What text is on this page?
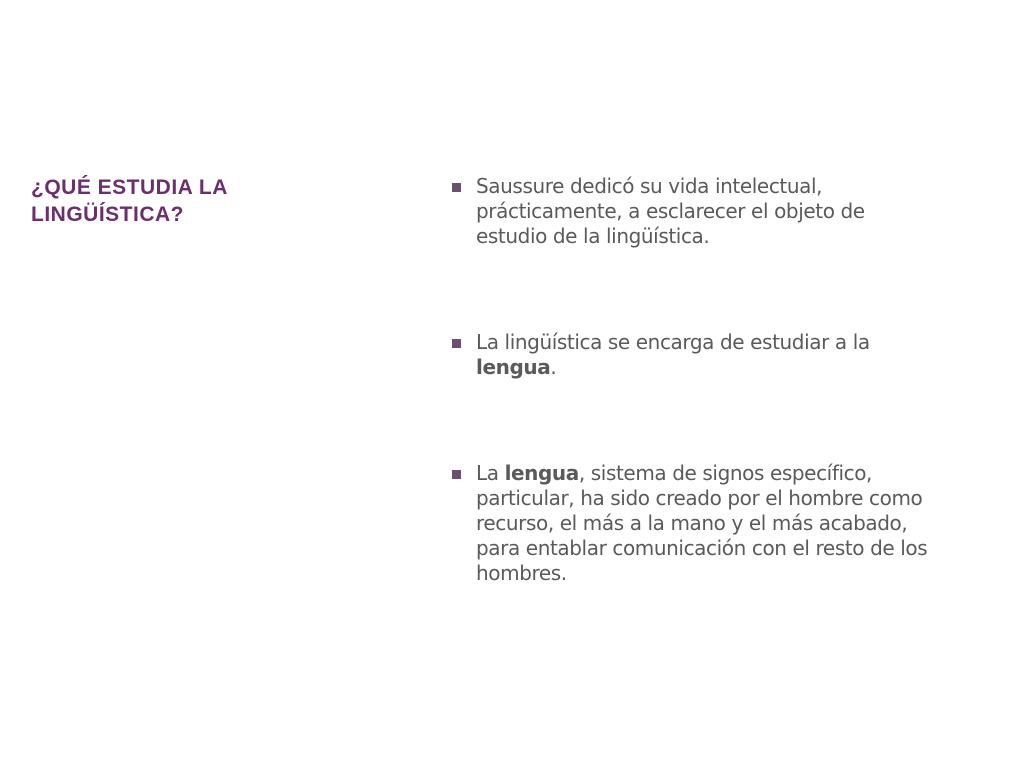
¿QUÉ ESTUDIA LA LINGÜÍSTICA?
Saussure dedicó su vida intelectual, prácticamente, a esclarecer el objeto de estudio de la lingüística.
La lingüística se encarga de estudiar a la lengua.
La lengua, sistema de signos específico, particular, ha sido creado por el hombre como recurso, el más a la mano y el más acabado, para entablar comunicación con el resto de los hombres.
